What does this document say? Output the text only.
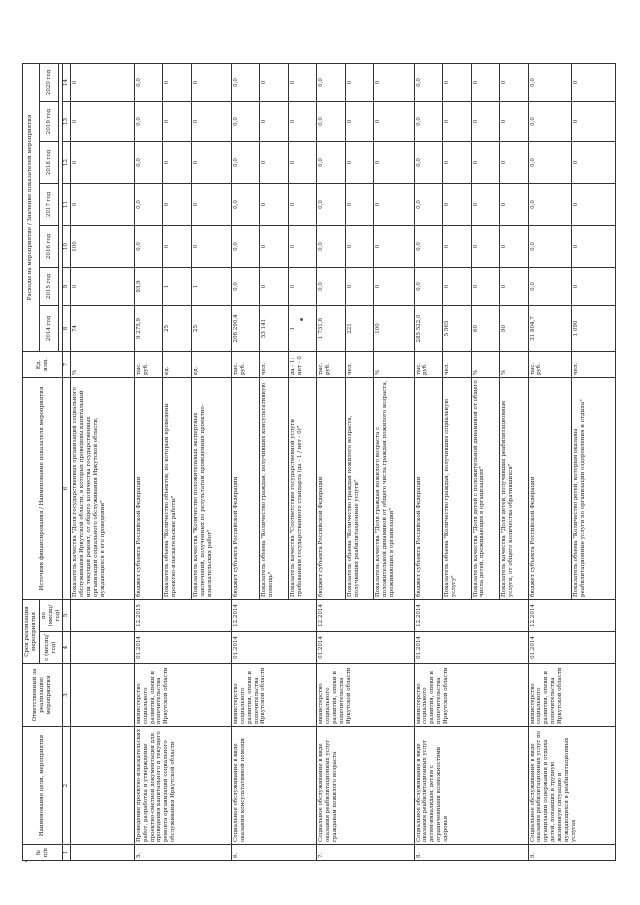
№ п/п	Наименование цели, мероприятия	Ответственный за реализацию мероприятия	Срок реализации мероприятия		Источник финансирования / Наименование показателя мероприятия	Ед. изм.	Расходы на мероприятие / Значение показателей мероприятия						
			с (месяц/год)	по (месяц/год)			2014 год	2015 год	2016 год	2017 год	2018 год	2019 год	2020 год

1	2	3	4	5	6	7	8	9	10	11	12	13	14
					Показатель качества "Доля государственных организаций социального обслуживания Иркутской области, в которых проведены капитальный или текущий ремонт, от общего количества государственных организаций социального обслуживания Иркутской области, нуждающихся в его проведении"	%	74	0	100	0	0	0	0
5.	Проведение проектно-изыскательских работ, разработка и утверждение проектно-сметной документации для проведения капитального и текущего ремонта организаций социального обслуживания Иркутской области	министерство социального развития, опеки и попечительства Иркутской области	01.2014	12.2015	бюджет субъекта Российской Федерации	тыс. руб.	9 275,9	93,9	0,0	0,0	0,0	0,0	0,0
					Показатель объема "Количество объектов, по которым проведены проектно-изыскательские работы"	ед.	25	1	0	0	0	0	0
					Показатель качества "Количество положительных экспертных заключений, полученных по результатам проведенных проектно-изыскательских работ"	ед.	25	1	0	0	0	0	0
6.	Социальное обслуживание в виде оказания консультативной помощи	министерство социального развития, опеки и попечительства Иркутской области	01.2014	12.2014	бюджет субъекта Российской Федерации	тыс. руб.	206 290,4	0,0	0,0	0,0	0,0	0,0	0,0
					Показатель объема "Количество граждан, получивших консультативную помощь"	чел.	53 141	0	0	0	0	0	0
					Показатель качества "Соответствие государственной услуги требованиям государственного стандарта (да - 1 / нет - 0)"	да - 1; нет - 0	1	0	0	0	0	0	0
7.	Социальное обслуживание в виде оказания реабилитационных услуг гражданам пожилого возраста	министерство социального развития, опеки и попечительства Иркутской области	01.2014	12.2014	бюджет субъекта Российской Федерации	тыс. руб.	1 731,8	0,0	0,0	0,0	0,0	0,0	0,0
					Показатель объема "Количество граждан пожилого возраста, получивших реабилитационные услуги"	чел.	221	0	0	0	0	0	0
					Показатель качества "Доля граждан пожилого возраста с положительной динамикой от общего числа граждан пожилого возраста, проживающих в организации"	%	100	0	0	0	0	0	0
8.	Социальное обслуживание в виде оказания реабилитационных услуг детям-инвалидам, детям с ограниченными возможностями здоровья	министерство социального развития, опеки и попечительства Иркутской области	01.2014	12.2014	бюджет субъекта Российской Федерации	тыс. руб.	285 522,0	0,0	0,0	0,0	0,0	0,0	0,0
					Показатель объема "Количество граждан, получивших социальную услугу"	чел.	5 565	0	0	0	0	0	0
					Показатель качества "Доля детей с положительной динамикой от общего числа детей, проживающих в организациях"	%	60	0	0	0	0	0	0
					Показатель качества "Доля детей, получивших реабилитационные услуги, от общего количества обратившихся"	%	90	0	0	0	0	0	0
9.	Социальное обслуживание в виде оказания реабилитационных услуг по организации содержания и отдыха детей, попавших в трудную жизненную ситуацию и нуждающихся в реабилитационных услугах	министерство социального развития, опеки и попечительства Иркутской области	01.2014	12.2014	бюджет субъекта Российской Федерации	тыс. руб.	31 804,7	0,0	0,0	0,0	0,0	0,0	0,0
					Показатель объема "Количество детей, которым оказаны реабилитационные услуги по организации оздоровления и отдыха"	чел.	1 090	0	0	0	0	0	0
